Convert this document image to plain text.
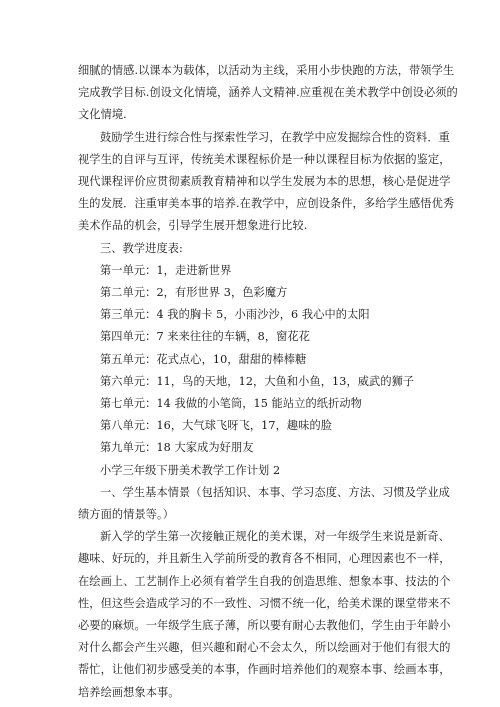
细腻的情感.以课本为载体，以活动为主线，采用小步快跑的方法，带领学生完成教学目标.创设文化情境，涵养人文精神.应重视在美术教学中创设必须的文化情境.

鼓励学生进行综合性与探索性学习，在教学中应发掘综合性的资料．重视学生的自评与互评，传统美术课程标价是一种以课程目标为依据的鉴定，现代课程评价应贯彻素质教育精神和以学生发展为本的思想，核心是促进学生的发展．注重审美本事的培养.在教学中，应创设条件，多给学生感悟优秀美术作品的机会，引导学生展开想象进行比较.

三、教学进度表:

第一单元：1，走进新世界

第二单元：2，有形世界 3，色彩魔方

第三单元：4 我的胸卡 5，小雨沙沙，6 我心中的太阳

第四单元：7 来来往往的车辆，8，窗花花

第五单元：花式点心，10，甜甜的棒棒糖

第六单元：11，鸟的天地，12，大鱼和小鱼，13，威武的狮子

第七单元：14 我做的小笔筒，15 能站立的纸折动物

第八单元：16，大气球飞呀飞，17，趣味的脸

第九单元：18 大家成为好朋友

小学三年级下册美术教学工作计划 2

一、学生基本情景（包括知识、本事、学习态度、方法、习惯及学业成绩方面的情景等。）

新入学的学生第一次接触正规化的美术课，对一年级学生来说是新奇、趣味、好玩的，并且新生入学前所受的教育各不相同，心理因素也不一样，在绘画上、工艺制作上必须有着学生自我的创造思维、想象本事、技法的个性，但这些会造成学习的不一致性、习惯不统一化，给美术课的课堂带来不必要的麻烦。一年级学生底子薄，所以要有耐心去教他们，学生由于年龄小对什么都会产生兴趣，但兴趣和耐心不会太久，所以绘画对于他们有很大的帮忙，让他们初步感受美的本事，作画时培养他们的观察本事、绘画本事，培养绘画想象本事。
